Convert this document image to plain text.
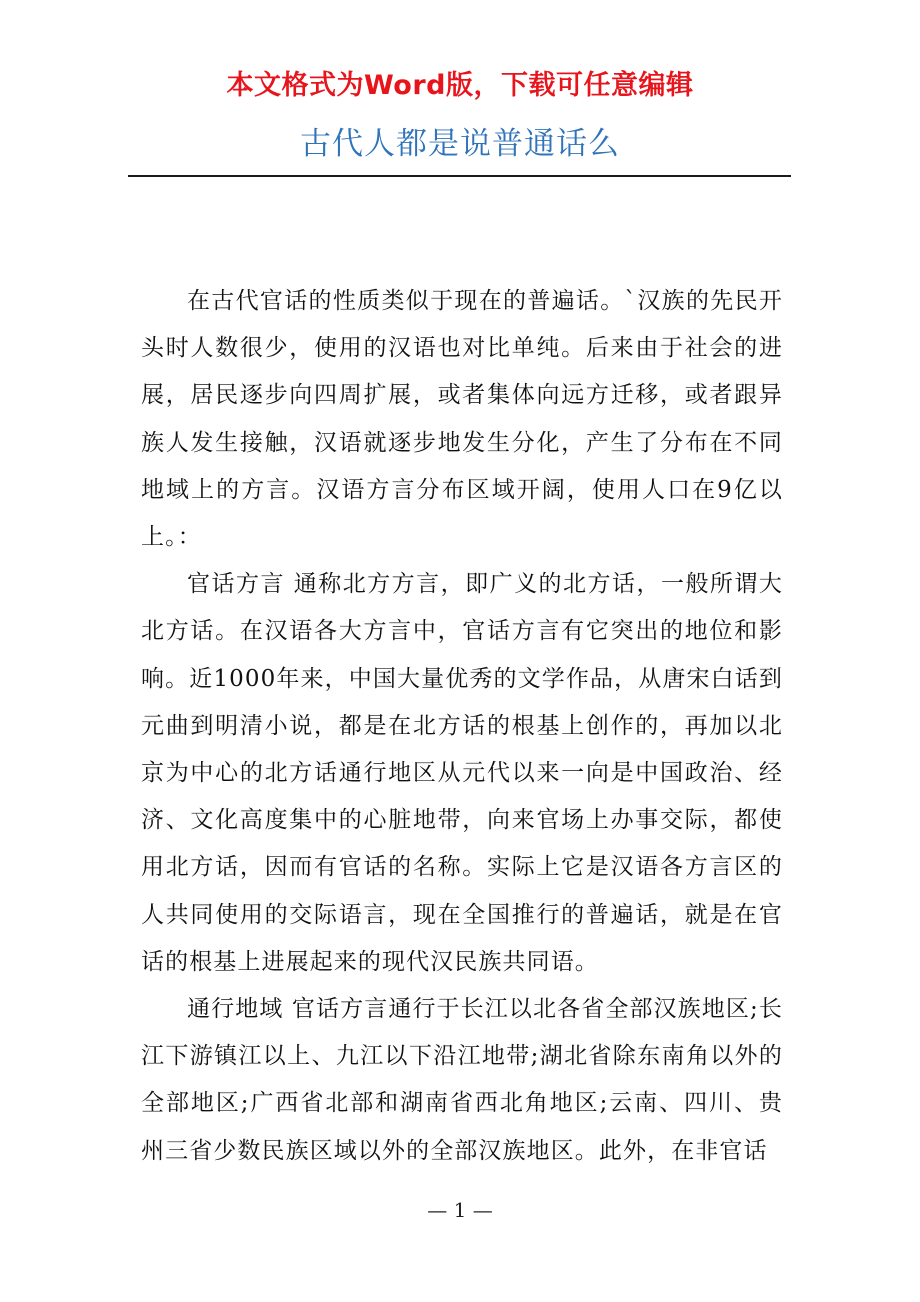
本文格式为Word版，下载可任意编辑
古代人都是说普通话么

在古代官话的性质类似于现在的普遍话。`汉族的先民开头时人数很少，使用的汉语也对比单纯。后来由于社会的进展，居民逐步向四周扩展，或者集体向远方迁移，或者跟异族人发生接触，汉语就逐步地发生分化，产生了分布在不同地域上的方言。汉语方言分布区域开阔，使用人口在9亿以上。：

官话方言 通称北方方言，即广义的北方话，一般所谓大北方话。在汉语各大方言中，官话方言有它突出的地位和影响。近1000年来，中国大量优秀的文学作品，从唐宋白话到元曲到明清小说，都是在北方话的根基上创作的，再加以北京为中心的北方话通行地区从元代以来一向是中国政治、经济、文化高度集中的心脏地带，向来官场上办事交际，都使用北方话，因而有官话的名称。实际上它是汉语各方言区的人共同使用的交际语言，现在全国推行的普遍话，就是在官话的根基上进展起来的现代汉民族共同语。

通行地域 官话方言通行于长江以北各省全部汉族地区;长江下游镇江以上、九江以下沿江地带;湖北省除东南角以外的全部地区;广西省北部和湖南省西北角地区;云南、四川、贵州三省少数民族区域以外的全部汉族地区。此外，在非官话

— 1 —
